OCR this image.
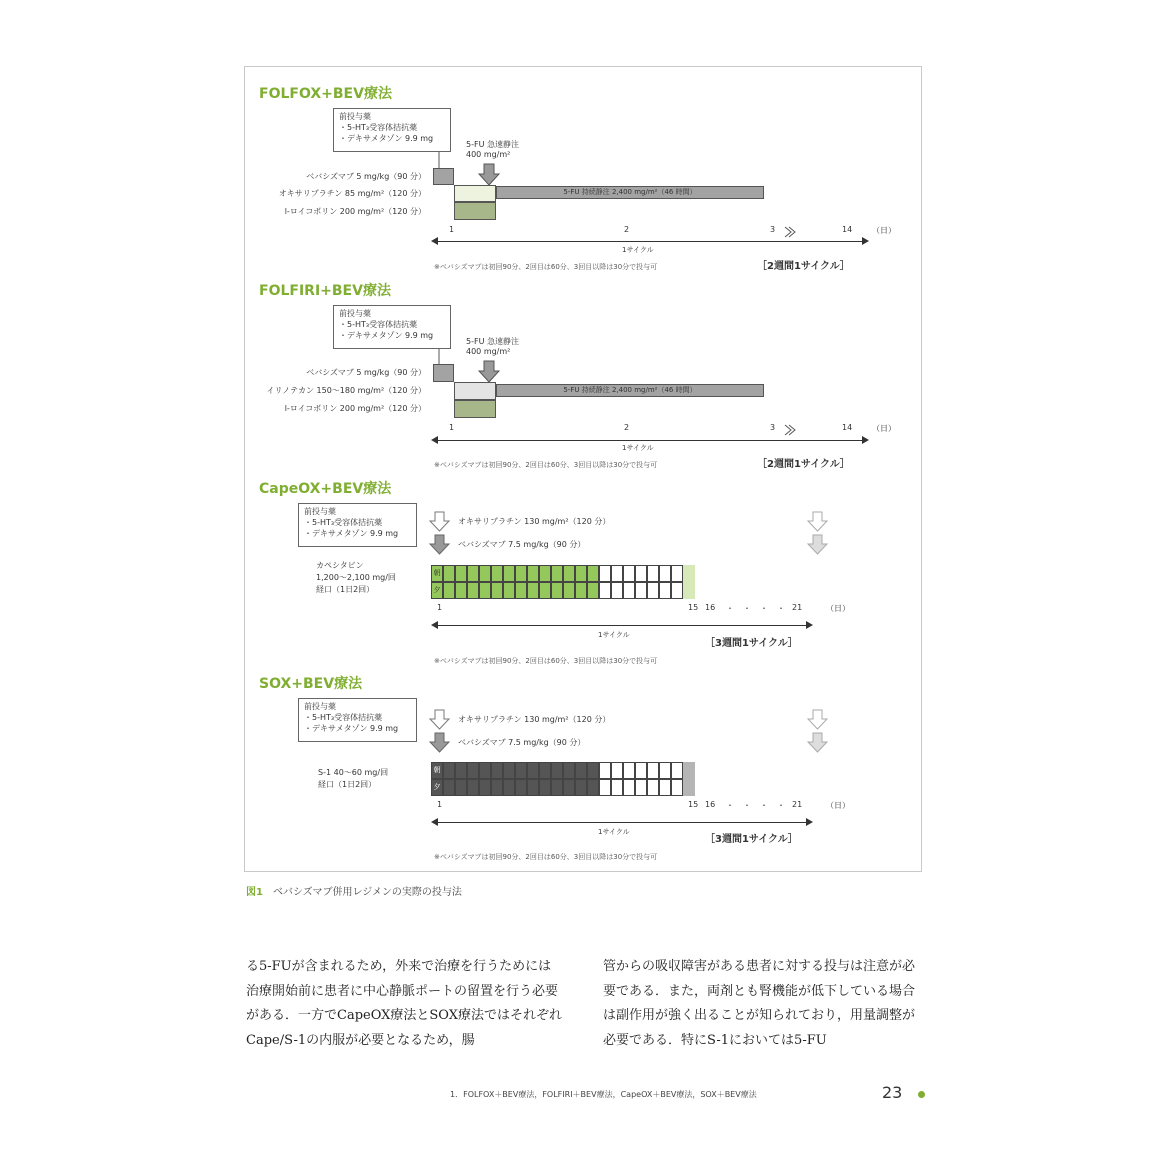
FOLFOX+BEV療法
前投与薬
・5-HT₃受容体拮抗薬
・デキサメタゾン 9.9 mg
5-FU 急速静注
400 mg/m²
ベバシズマブ 5 mg/kg（90 分）
オキサリプラチン 85 mg/m²（120 分）
l-ロイコボリン 200 mg/m²（120 分）
5-FU 持続静注 2,400 mg/m²（46 時間）
1	2	3	14 （日）
1サイクル
※ベバシズマブは初回90分、2回目は60分、3回目以降は30分で投与可	［2週間1サイクル］
FOLFIRI+BEV療法
前投与薬
・5-HT₃受容体拮抗薬
・デキサメタゾン 9.9 mg
5-FU 急速静注
400 mg/m²
ベバシズマブ 5 mg/kg（90 分）
イリノテカン 150～180 mg/m²（120 分）
l-ロイコボリン 200 mg/m²（120 分）
5-FU 持続静注 2,400 mg/m²（46 時間）
1	2	3	14 （日）
1サイクル
※ベバシズマブは初回90分、2回目は60分、3回目以降は30分で投与可	［2週間1サイクル］
CapeOX+BEV療法
前投与薬
・5-HT₃受容体拮抗薬
・デキサメタゾン 9.9 mg
オキサリプラチン 130 mg/m²（120 分）
ベバシズマブ 7.5 mg/kg（90 分）
カペシタビン
1,200～2,100 mg/回
経口（1日2回）
朝
夕
1	15 16 ・ ・ ・ ・ 21	（日）
1サイクル
［3週間1サイクル］
※ベバシズマブは初回90分、2回目は60分、3回目以降は30分で投与可
SOX+BEV療法
前投与薬
・5-HT₃受容体拮抗薬
・デキサメタゾン 9.9 mg
オキサリプラチン 130 mg/m²（120 分）
ベバシズマブ 7.5 mg/kg（90 分）
S-1 40～60 mg/回
経口（1日2回）
朝
夕
1	15 16 ・ ・ ・ ・ 21	（日）
1サイクル
［3週間1サイクル］
※ベバシズマブは初回90分、2回目は60分、3回目以降は30分で投与可
図1 ベバシズマブ併用レジメンの実際の投与法

る5-FUが含まれるため，外来で治療を行うためには治療開始前に患者に中心静脈ポートの留置を行う必要がある．一方でCapeOX療法とSOX療法ではそれぞれCape/S-1の内服が必要となるため，腸

管からの吸収障害がある患者に対する投与は注意が必要である．また，両剤とも腎機能が低下している場合は副作用が強く出ることが知られており，用量調整が必要である．特にS-1においては5-FU

1．FOLFOX＋BEV療法，FOLFIRI＋BEV療法，CapeOX＋BEV療法，SOX＋BEV療法	23
